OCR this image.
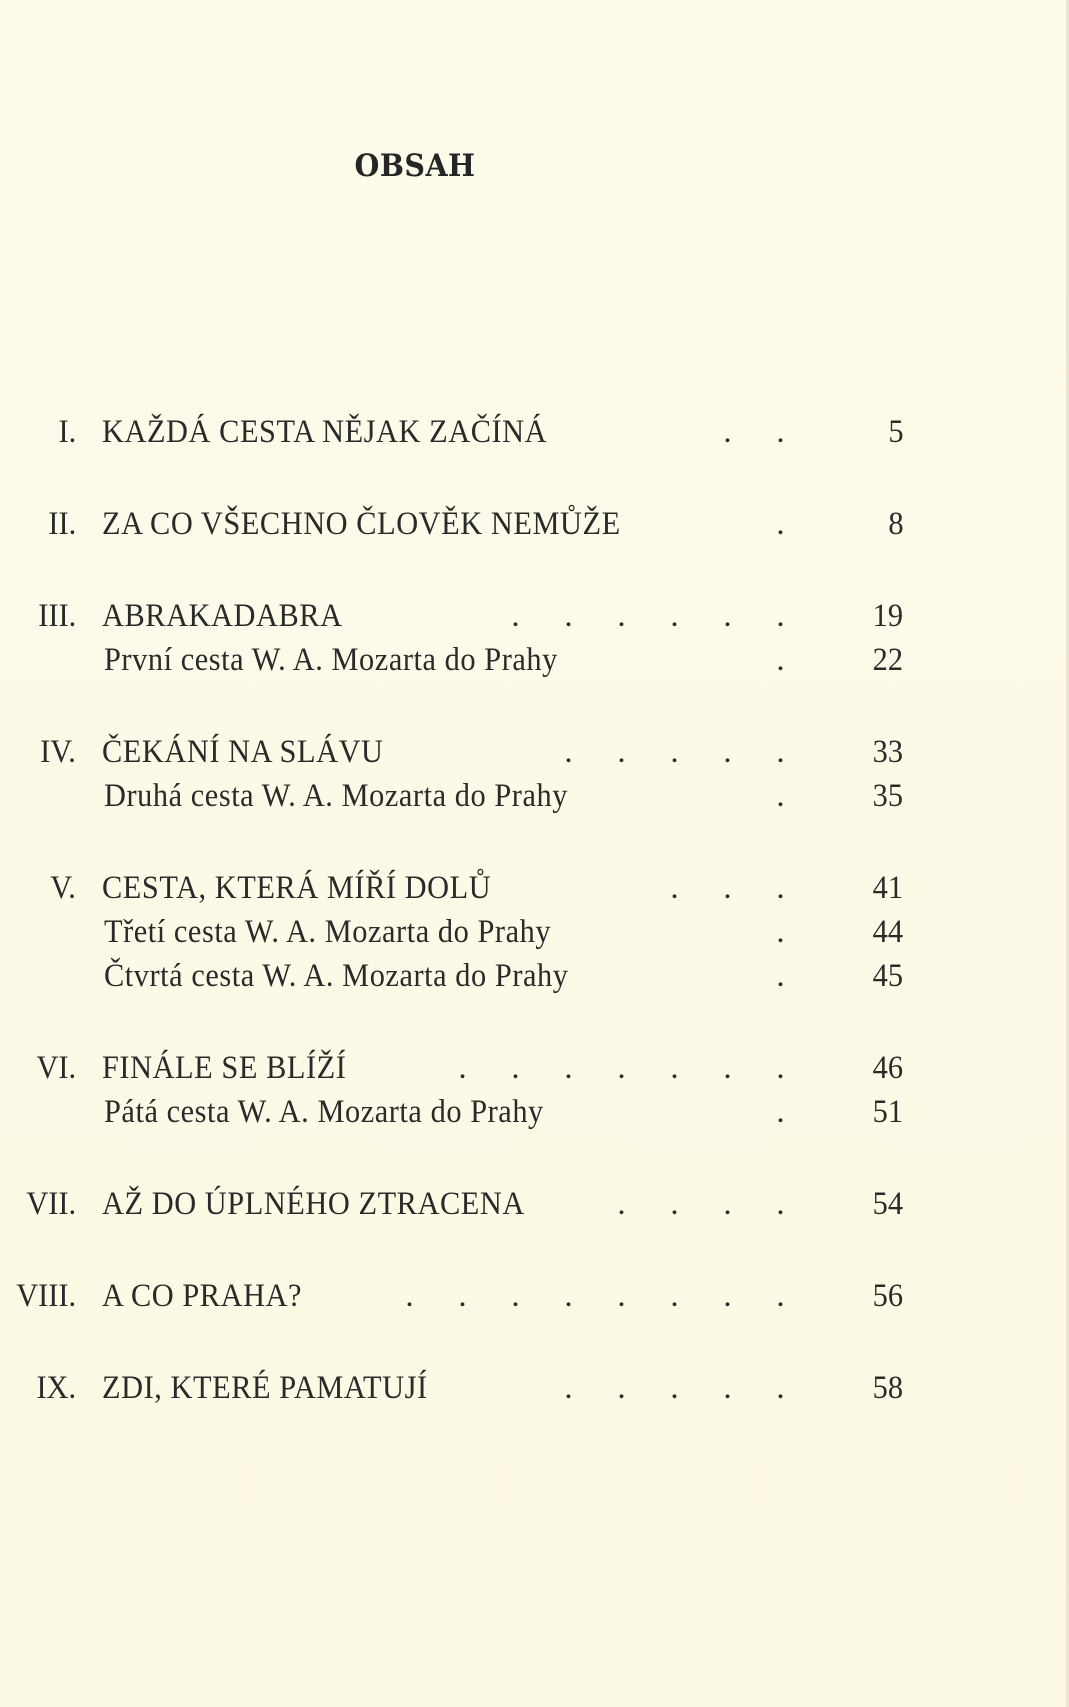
OBSAH
I. KAŽDÁ CESTA NĚJAK ZAČÍNÁ	. .	5
II. ZA CO VŠECHNO ČLOVĚK NEMŮŽE	.	8
III. ABRAKADABRA	. . . . . .	19
První cesta W. A. Mozarta do Prahy	.	22
IV. ČEKÁNÍ NA SLÁVU	. . . . .	33
Druhá cesta W. A. Mozarta do Prahy	.	35
V. CESTA, KTERÁ MÍŘÍ DOLŮ	. . .	41
Třetí cesta W. A. Mozarta do Prahy	.	44
Čtvrtá cesta W. A. Mozarta do Prahy	.	45
VI. FINÁLE SE BLÍŽÍ	. . . . . . .	46
Pátá cesta W. A. Mozarta do Prahy	.	51
VII. AŽ DO ÚPLNÉHO ZTRACENA	. . . .	54
VIII. A CO PRAHA?	. . . . . . . .	56
IX. ZDI, KTERÉ PAMATUJÍ	. . . . .	58
